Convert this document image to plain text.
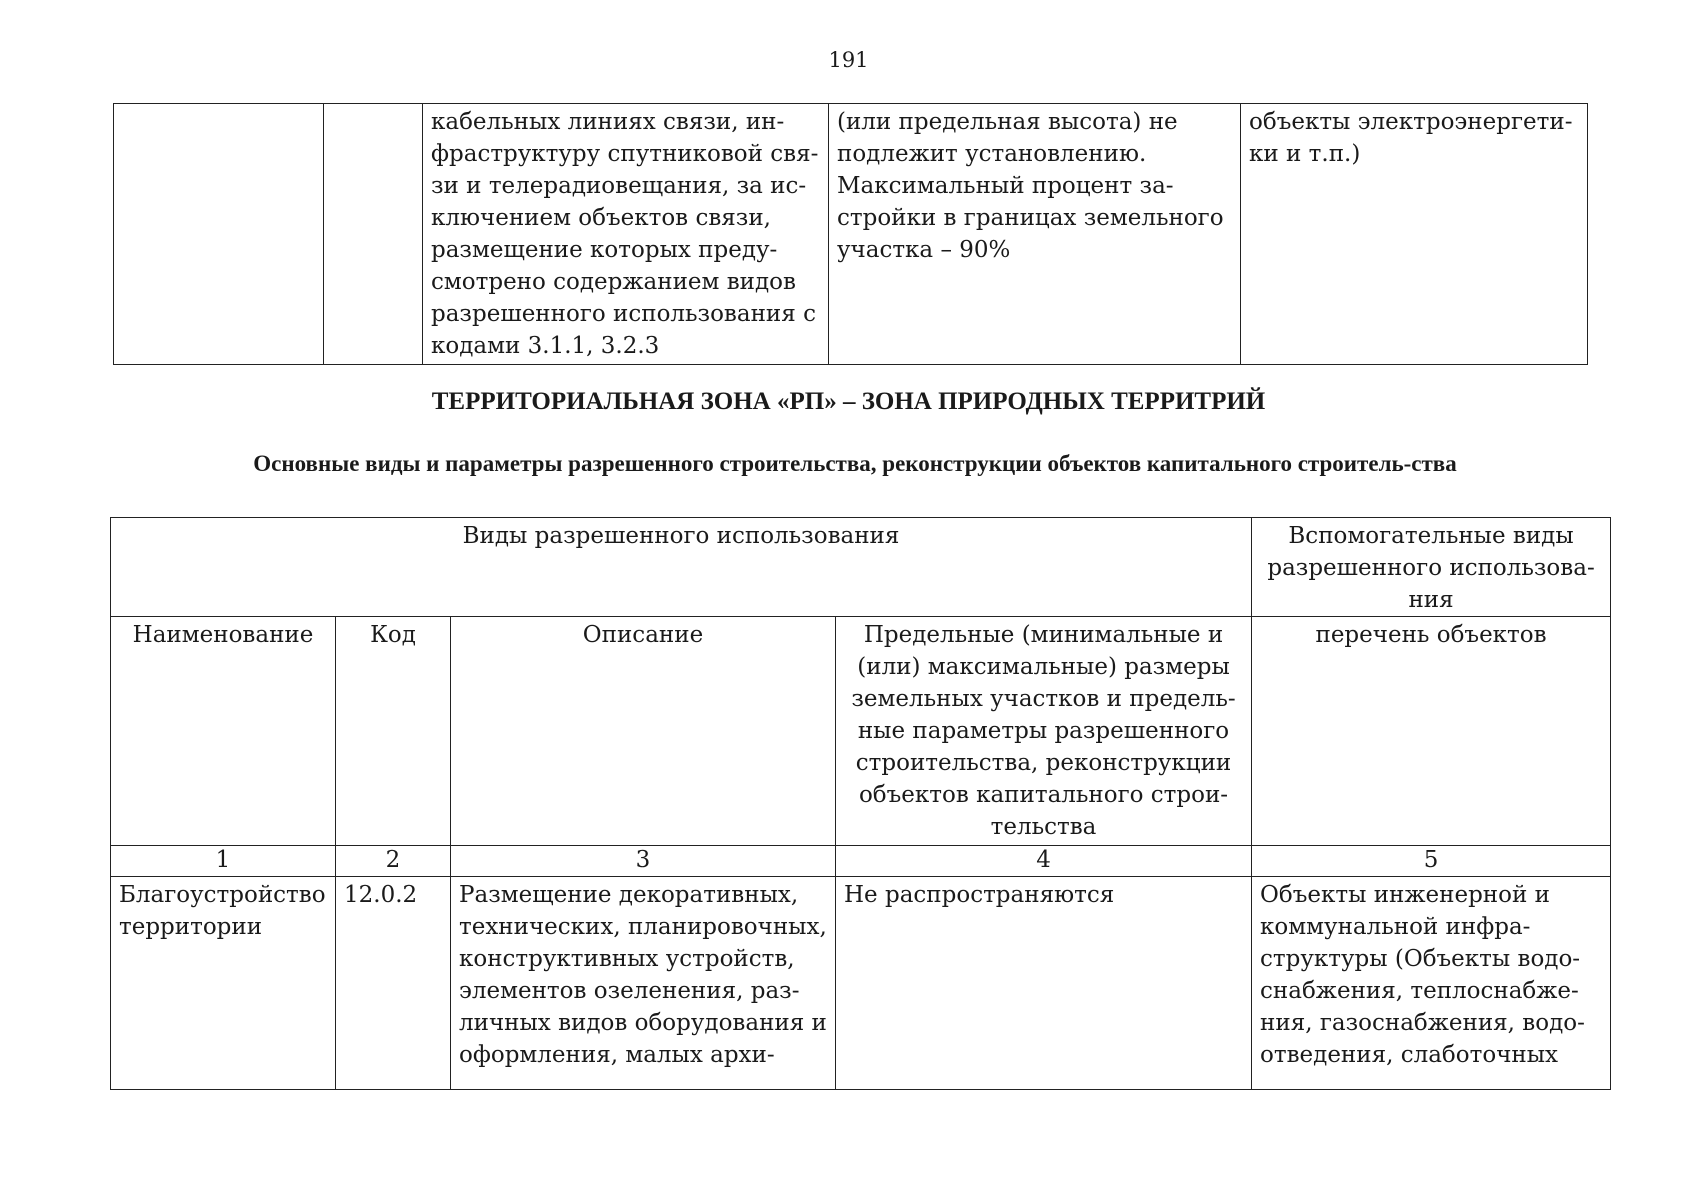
191
		кабельных линиях связи, ин-фраструктуру спутниковой свя-зи и телерадиовещания, за ис-ключением объектов связи, размещение которых преду-смотрено содержанием видов разрешенного использования с кодами 3.1.1, 3.2.3	(или предельная высота) не подлежит установлению. Максимальный процент за-стройки в границах земельного участка – 90%	объекты электроэнергети-ки и т.п.)
ТЕРРИТОРИАЛЬНАЯ ЗОНА «РП» – ЗОНА ПРИРОДНЫХ ТЕРРИТРИЙ
Основные виды и параметры разрешенного строительства, реконструкции объектов капитального строитель-ства
Виды разрешенного использования				Вспомогательные виды разрешенного использова-ния
Наименование	Код	Описание	Предельные (минимальные и (или) максимальные) размеры земельных участков и предель-ные параметры разрешенного строительства, реконструкции объектов капитального строи-тельства	перечень объектов
1	2	3	4	5
Благоустройство территории	12.0.2	Размещение декоративных, технических, планировочных, конструктивных устройств, элементов озеленения, раз-личных видов оборудования и оформления, малых архи-	Не распространяются	Объекты инженерной и коммунальной инфра-структуры (Объекты водо-снабжения, теплоснабже-ния, газоснабжения, водо-отведения, слаботочных
